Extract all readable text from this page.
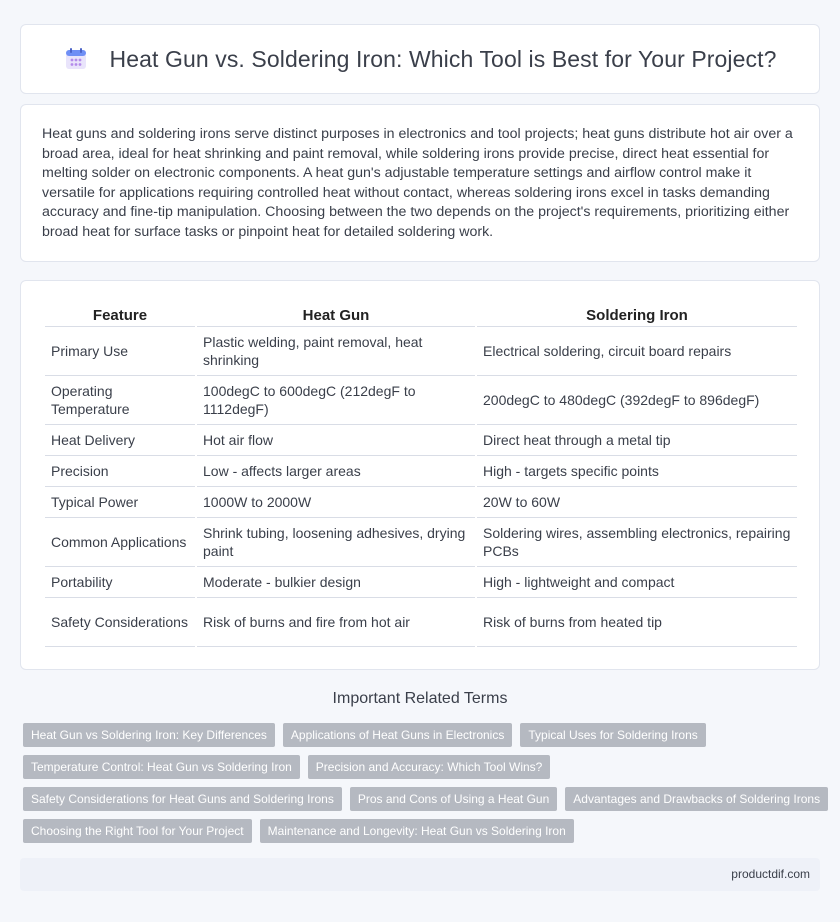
Heat Gun vs. Soldering Iron: Which Tool is Best for Your Project?

Heat guns and soldering irons serve distinct purposes in electronics and tool projects; heat guns distribute hot air over a broad area, ideal for heat shrinking and paint removal, while soldering irons provide precise, direct heat essential for melting solder on electronic components. A heat gun's adjustable temperature settings and airflow control make it versatile for applications requiring controlled heat without contact, whereas soldering irons excel in tasks demanding accuracy and fine-tip manipulation. Choosing between the two depends on the project's requirements, prioritizing either broad heat for surface tasks or pinpoint heat for detailed soldering work.

Feature	Heat Gun	Soldering Iron
Primary Use	Plastic welding, paint removal, heat shrinking	Electrical soldering, circuit board repairs
Operating Temperature	100degC to 600degC (212degF to 1112degF)	200degC to 480degC (392degF to 896degF)
Heat Delivery	Hot air flow	Direct heat through a metal tip
Precision	Low - affects larger areas	High - targets specific points
Typical Power	1000W to 2000W	20W to 60W
Common Applications	Shrink tubing, loosening adhesives, drying paint	Soldering wires, assembling electronics, repairing PCBs
Portability	Moderate - bulkier design	High - lightweight and compact
Safety Considerations	Risk of burns and fire from hot air	Risk of burns from heated tip
Important Related Terms
Heat Gun vs Soldering Iron: Key Differences	Applications of Heat Guns in Electronics	Typical Uses for Soldering Irons
Temperature Control: Heat Gun vs Soldering Iron	Precision and Accuracy: Which Tool Wins?
Safety Considerations for Heat Guns and Soldering Irons	Pros and Cons of Using a Heat Gun	Advantages and Drawbacks of Soldering Irons
Choosing the Right Tool for Your Project	Maintenance and Longevity: Heat Gun vs Soldering Iron
productdif.com
